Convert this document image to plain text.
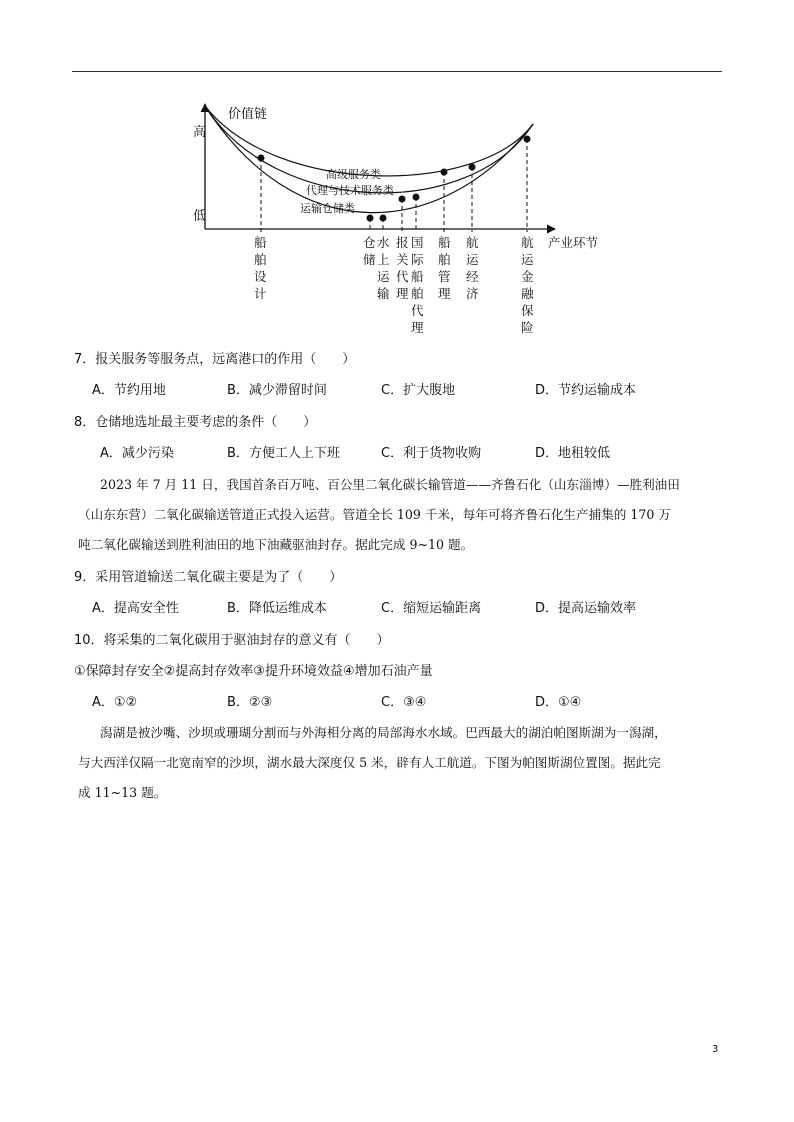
价值链
高
低
产业环节
高级服务类
代理与技术服务类
运输仓储类
船
舶
设
计
仓
储
水
上
运
输
报
关
代
理
国
际
船
舶
代
理
船
舶
管
理
航
运
经
济
航
运
金
融
保
险
7．报关服务等服务点，远离港口的作用（　　）
A．节约用地	B．减少滞留时间	C．扩大腹地	D．节约运输成本
8．仓储地选址最主要考虑的条件（　　）
A．减少污染	B．方便工人上下班	C．利于货物收购	D．地租较低
2023 年 7 月 11 日，我国首条百万吨、百公里二氧化碳长输管道——齐鲁石化（山东淄博）—胜利油田
（山东东营）二氧化碳输送管道正式投入运营。管道全长 109 千米，每年可将齐鲁石化生产捕集的 170 万
吨二氧化碳输送到胜利油田的地下油藏驱油封存。据此完成 9~10 题。
9．采用管道输送二氧化碳主要是为了（　　）
A．提高安全性	B．降低运维成本	C．缩短运输距离	D．提高运输效率
10．将采集的二氧化碳用于驱油封存的意义有（　　）
①保障封存安全②提高封存效率③提升环境效益④增加石油产量
A．①②	B．②③	C．③④	D．①④
潟湖是被沙嘴、沙坝或珊瑚分割而与外海相分离的局部海水水域。巴西最大的湖泊帕图斯湖为一潟湖，
与大西洋仅隔一北宽南窄的沙坝，湖水最大深度仅 5 米，辟有人工航道。下图为帕图斯湖位置图。据此完
成 11~13 题。
3
